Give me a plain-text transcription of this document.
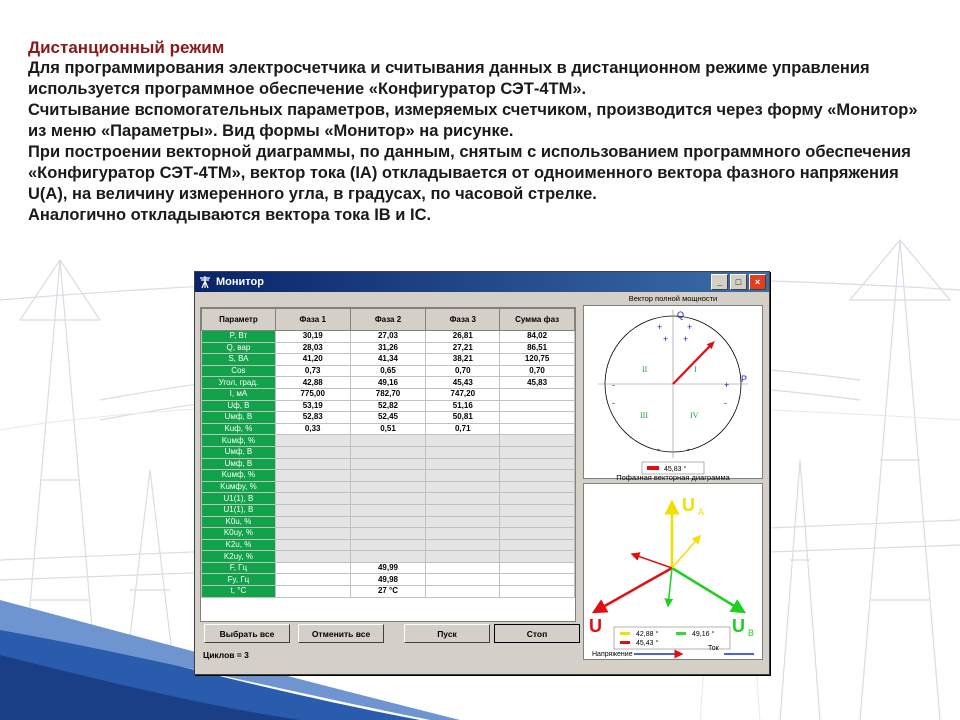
Дистанционный режим
Для программирования электросчетчика и считывания данных в дистанционном режиме управления используется программное обеспечение «Конфигуратор СЭТ-4ТМ».
Считывание вспомогательных параметров, измеряемых счетчиком, производится через форму «Монитор» из меню «Параметры». Вид формы «Монитор» на рисунке.
При построении векторной диаграммы, по данным, снятым с использованием программного обеспечения «Конфигуратор СЭТ-4ТМ», вектор тока (IA) откладывается от одноименного вектора фазного напряжения U(A), на величину измеренного угла, в градусах, по часовой стрелке.
Аналогично откладываются вектора тока IB и IC.
Монитор	_	□	×
Параметр	Фаза 1	Фаза 2	Фаза 3	Сумма фаз
P, Вт	30,19	27,03	26,81	84,02
Q, вар	28,03	31,26	27,21	86,51
S, ВА	41,20	41,34	38,21	120,75
Cos	0,73	0,65	0,70	0,70
Угол, град.	42,88	49,16	45,43	45,83
I, мА	775,00	782,70	747,20	
Uф, В	53,19	52,82	51,16	
Uмф, В	52,83	52,45	50,81	
Kuф, %	0,33	0,51	0,71	
Kuмф, %				
Uмф, В				
Uмф, В				
Kuмф, %				
Kuмфу, %				
U1(1), В				
U1(1), В				
K0u, %				
K0uy, %				
K2u, %				
K2uy, %				
F, Гц		49,99		
Fy, Гц		49,98		
t, °C		27 °C		
Вектор полной мощности
Q
P
I
II
III	IV
+	+
+ +
-	+
-	-
-	-
45,83 °
Пофазная векторная диаграмма
U A
U B
U	42,88 °	49,16 °
45,43 °
Напряжение
Ток
Выбрать все	Отменить все	Пуск	Стоп
Циклов = 3
